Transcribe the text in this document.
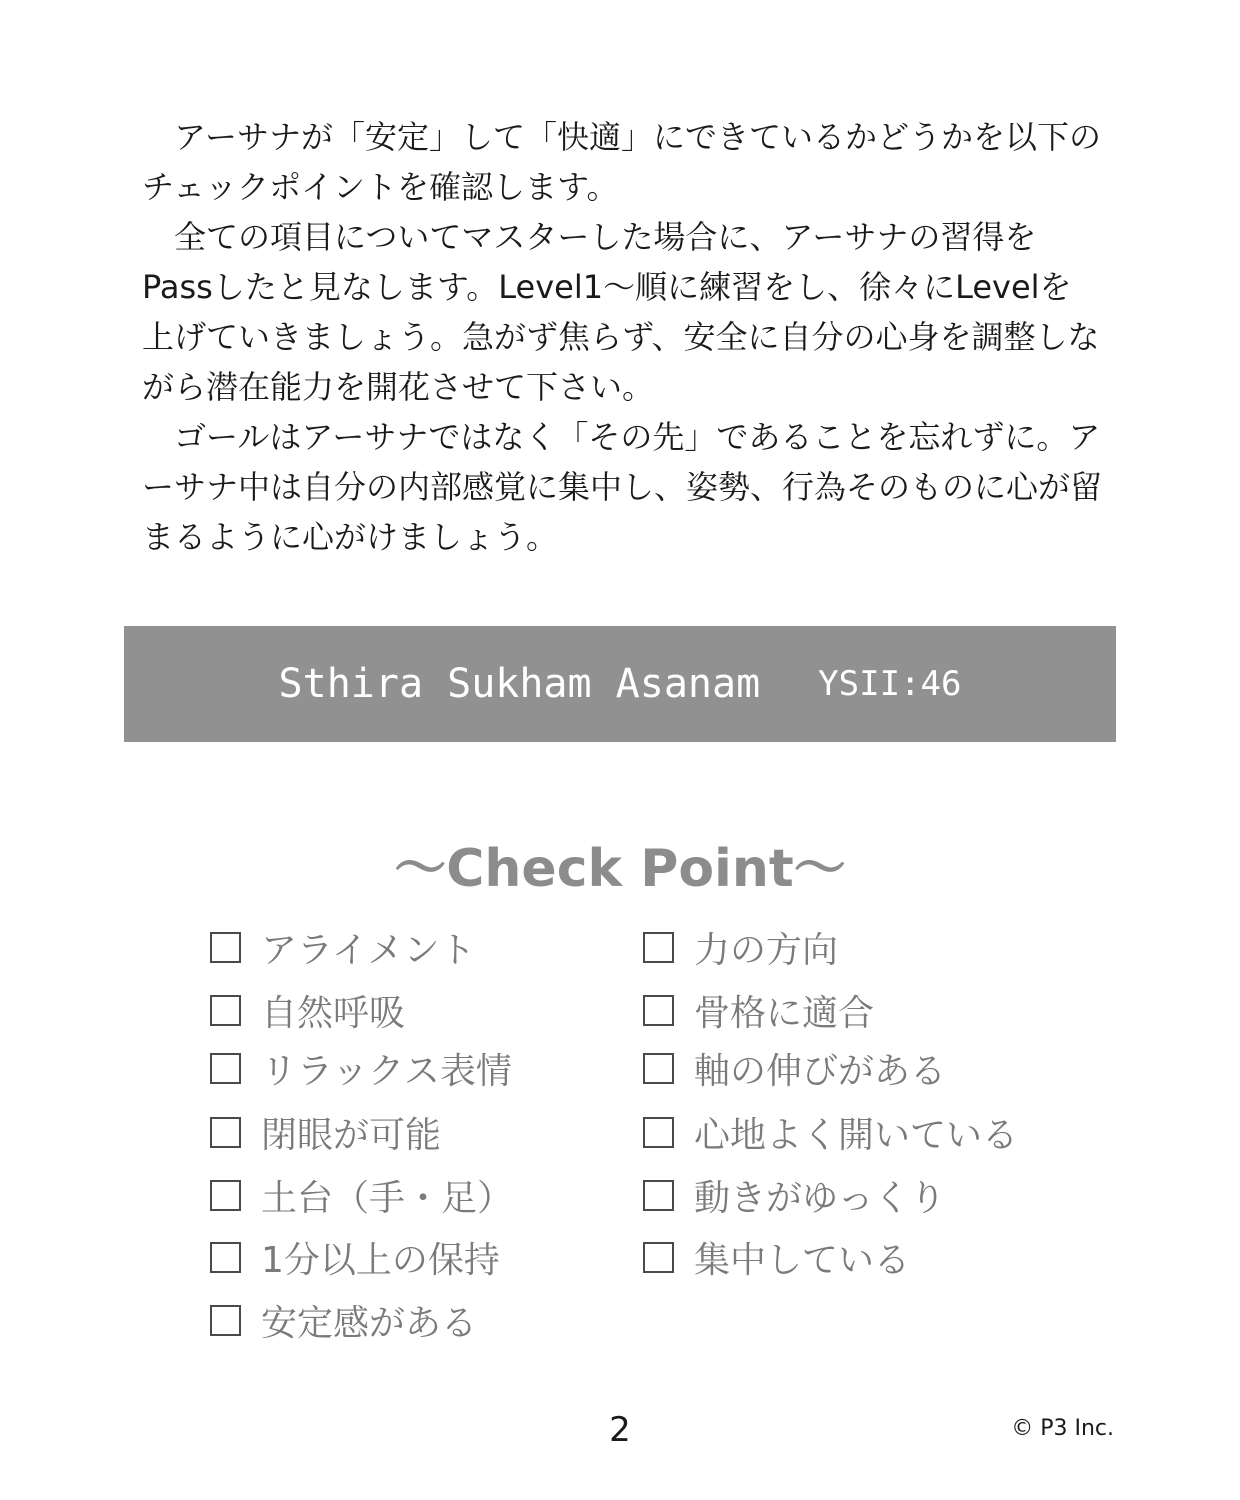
　アーサナが「安定」して「快適」にできているかどうかを以下のチェックポイントを確認します。

　全ての項目についてマスターした場合に、アーサナの習得をPassしたと見なします。Level1〜順に練習をし、徐々にLevelを上げていきましょう。急がず焦らず、安全に自分の心身を調整しながら潜在能力を開花させて下さい。

　ゴールはアーサナではなく「その先」であることを忘れずに。アーサナ中は自分の内部感覚に集中し、姿勢、行為そのものに心が留まるように心がけましょう。

Sthira Sukham Asanam YSII:46
〜Check Point〜
アライメント
自然呼吸
リラックス表情
閉眼が可能
土台（手・足）
1分以上の保持
安定感がある
力の方向
骨格に適合
軸の伸びがある
心地よく開いている
動きがゆっくり
集中している
2	© P3 Inc.
